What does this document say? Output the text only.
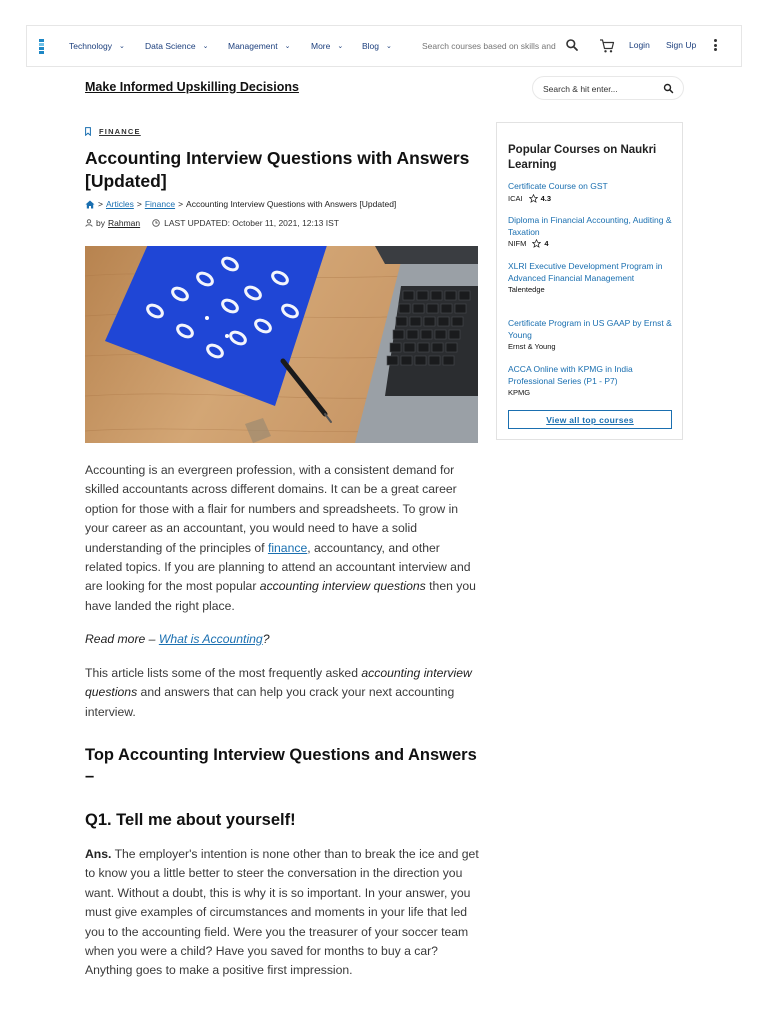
Technology ⌄ Data Science ⌄ Management ⌄ More ⌄ Blog ⌄
Search courses based on skills and	Login Sign Up
Make Informed Upskilling Decisions
Search & hit enter...
FINANCE
Accounting Interview Questions with Answers [Updated]
> Articles > Finance > Accounting Interview Questions with Answers [Updated]
by Rahman	LAST UPDATED: October 11, 2021, 12:13 IST

Accounting is an evergreen profession, with a consistent demand for skilled accountants across different domains. It can be a great career option for those with a flair for numbers and spreadsheets. To grow in your career as an accountant, you would need to have a solid understanding of the principles of finance, accountancy, and other related topics. If you are planning to attend an accountant interview and are looking for the most popular accounting interview questions then you have landed the right place.

Read more – What is Accounting?

This article lists some of the most frequently asked accounting interview questions and answers that can help you crack your next accounting interview.

Top Accounting Interview Questions and Answers –
Q1. Tell me about yourself!

Ans. The employer's intention is none other than to break the ice and get to know you a little better to steer the conversation in the direction you want. Without a doubt, this is why it is so important. In your answer, you must give examples of circumstances and moments in your life that led you to the accounting field. Were you the treasurer of your soccer team when you were a child? Have you saved for months to buy a car? Anything goes to make a positive first impression.

Popular Courses on Naukri Learning
Certificate Course on GST
ICAI 4.3
Diploma in Financial Accounting, Auditing & Taxation
NIFM 4
XLRI Executive Development Program in Advanced Financial Management
Talentedge
Certificate Program in US GAAP by Ernst & Young
Ernst & Young
ACCA Online with KPMG in India Professional Series (P1 - P7)
KPMG
View all top courses
